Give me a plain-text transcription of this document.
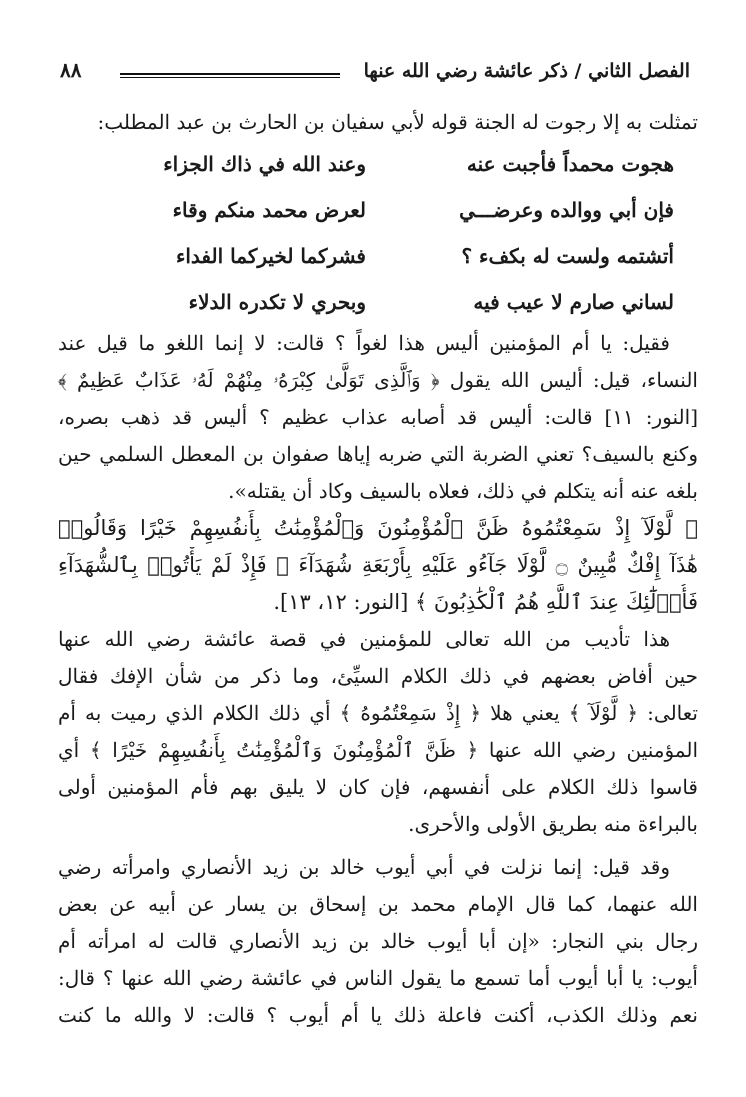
الفصل الثاني / ذكر عائشة رضي الله عنها
٨٨
تمثلت به إلا رجوت له الجنة قوله لأبي سفيان بن الحارث بن عبد المطلب:
هجوت محمداً فأجبت عنه
وعند الله في ذاك الجزاء
فإن أبي ووالده وعرضـــي
لعرض محمد منكم وقاء
أتشتمه ولست له بكفء ؟
فشركما لخيركما الفداء
لساني صارم لا عيب فيه
وبحري لا تكدره الدلاء
فقيل: يا أم المؤمنين أليس هذا لغواً ؟ قالت: لا إنما اللغو ما قيل عند
النساء، قيل: أليس الله يقول ﴿ وَٱلَّذِى تَوَلَّىٰ كِبْرَهُۥ مِنْهُمْ لَهُۥ عَذَابٌ عَظِيمٌ ﴾
[النور: ١١] قالت: أليس قد أصابه عذاب عظيم ؟ أليس قد ذهب بصره،
وكنع بالسيف؟ تعني الضربة التي ضربه إياها صفوان بن المعطل السلمي حين
بلغه عنه أنه يتكلم في ذلك، فعلاه بالسيف وكاد أن يقتله».
﴿ لَّوْلَآ إِذْ سَمِعْتُمُوهُ ظَنَّ ٱلْمُؤْمِنُونَ وَٱلْمُؤْمِنَٰتُ بِأَنفُسِهِمْ خَيْرًا وَقَالُوا۟
هَٰذَآ إِفْكٌ مُّبِينٌ ۝ لَّوْلَا جَآءُو عَلَيْهِ بِأَرْبَعَةِ شُهَدَآءَ ۚ فَإِذْ لَمْ يَأْتُوا۟ بِٱلشُّهَدَآءِ
فَأُو۟لَٰٓئِكَ عِندَ ٱللَّهِ هُمُ ٱلْكَٰذِبُونَ ﴾ [النور: ١٢، ١٣].
هذا تأديب من الله تعالى للمؤمنين في قصة عائشة رضي الله عنها
حين أفاض بعضهم في ذلك الكلام السيِّئ، وما ذكر من شأن الإفك فقال
تعالى: ﴿ لَّوْلَآ ﴾ يعني هلا ﴿ إِذْ سَمِعْتُمُوهُ ﴾ أي ذلك الكلام الذي رميت به أم
المؤمنين رضي الله عنها ﴿ ظَنَّ ٱلْمُؤْمِنُونَ وَٱلْمُؤْمِنَٰتُ بِأَنفُسِهِمْ خَيْرًا ﴾ أي
قاسوا ذلك الكلام على أنفسهم، فإن كان لا يليق بهم فأم المؤمنين أولى
بالبراءة منه بطريق الأولى والأحرى.
وقد قيل: إنما نزلت في أبي أيوب خالد بن زيد الأنصاري وامرأته رضي
الله عنهما، كما قال الإمام محمد بن إسحاق بن يسار عن أبيه عن بعض
رجال بني النجار: «إن أبا أيوب خالد بن زيد الأنصاري قالت له امرأته أم
أيوب: يا أبا أيوب أما تسمع ما يقول الناس في عائشة رضي الله عنها ؟ قال:
نعم وذلك الكذب، أكنت فاعلة ذلك يا أم أيوب ؟ قالت: لا والله ما كنت
